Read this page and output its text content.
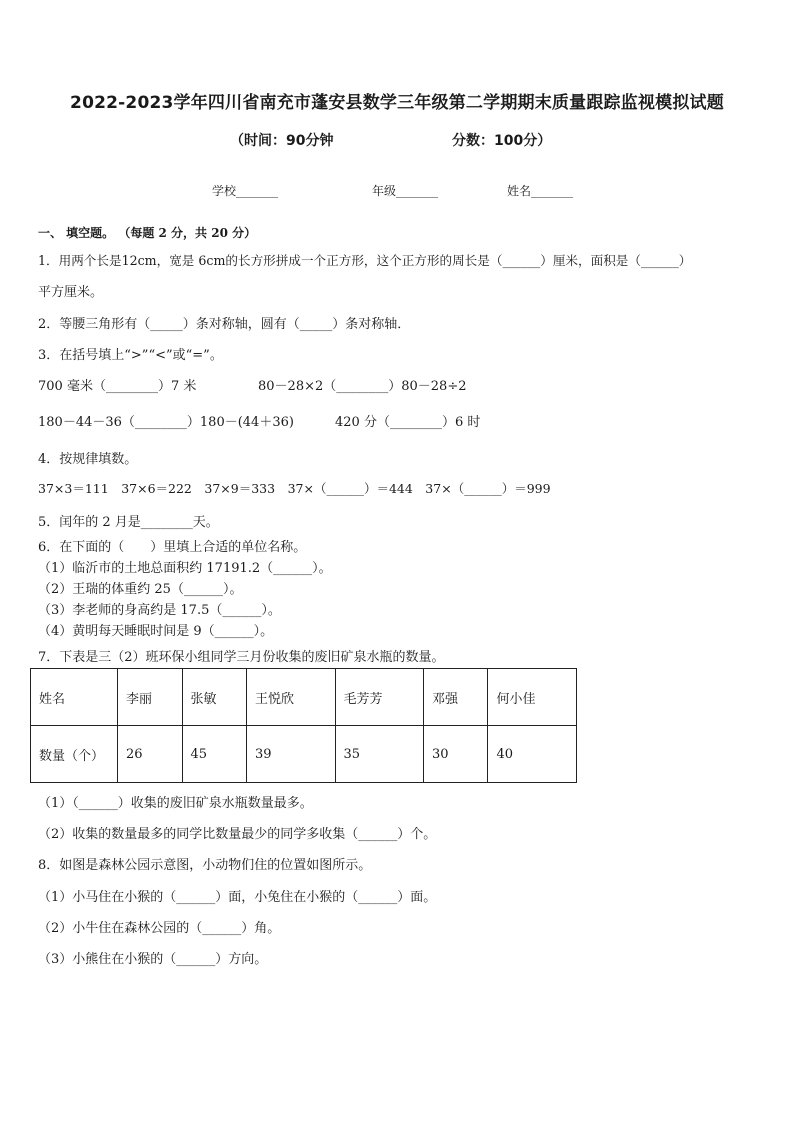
2022-2023学年四川省南充市蓬安县数学三年级第二学期期末质量跟踪监视模拟试题
（时间：90分钟	分数：100分）
学校_______	年级_______	姓名_______
一、 填空题。 （每题 2 分，共 20 分）
1．用两个长是12cm，宽是 6cm的长方形拼成一个正方形，这个正方形的周长是（______）厘米，面积是（______）
平方厘米。
2．等腰三角形有（_____）条对称轴，圆有（_____）条对称轴．
3．在括号填上“>”“<”或“=”。
700 毫米（________）7 米	80－28×2（________）80－28÷2
180－44－36（________）180－(44＋36)	420 分（________）6 时
4．按规律填数。
37×3＝111　37×6＝222　37×9＝333　37×（______）＝444　37×（______）＝999
5．闰年的 2 月是________天。
6．在下面的（　　）里填上合适的单位名称。
（1）临沂市的土地总面积约 17191.2（______）。
（2）王瑞的体重约 25（______）。
（3）李老师的身高约是 17.5（______）。
（4）黄明每天睡眠时间是 9（______）。
7．下表是三（2）班环保小组同学三月份收集的废旧矿泉水瓶的数量。
姓名	李丽	张敏	王悦欣	毛芳芳	邓强	何小佳
数量（个）	26	45	39	35	30	40
（1）（______）收集的废旧矿泉水瓶数量最多。
（2）收集的数量最多的同学比数量最少的同学多收集（______）个。
8．如图是森林公园示意图，小动物们住的位置如图所示。
（1）小马住在小猴的（______）面，小兔住在小猴的（______）面。
（2）小牛住在森林公园的（______）角。
（3）小熊住在小猴的（______）方向。
